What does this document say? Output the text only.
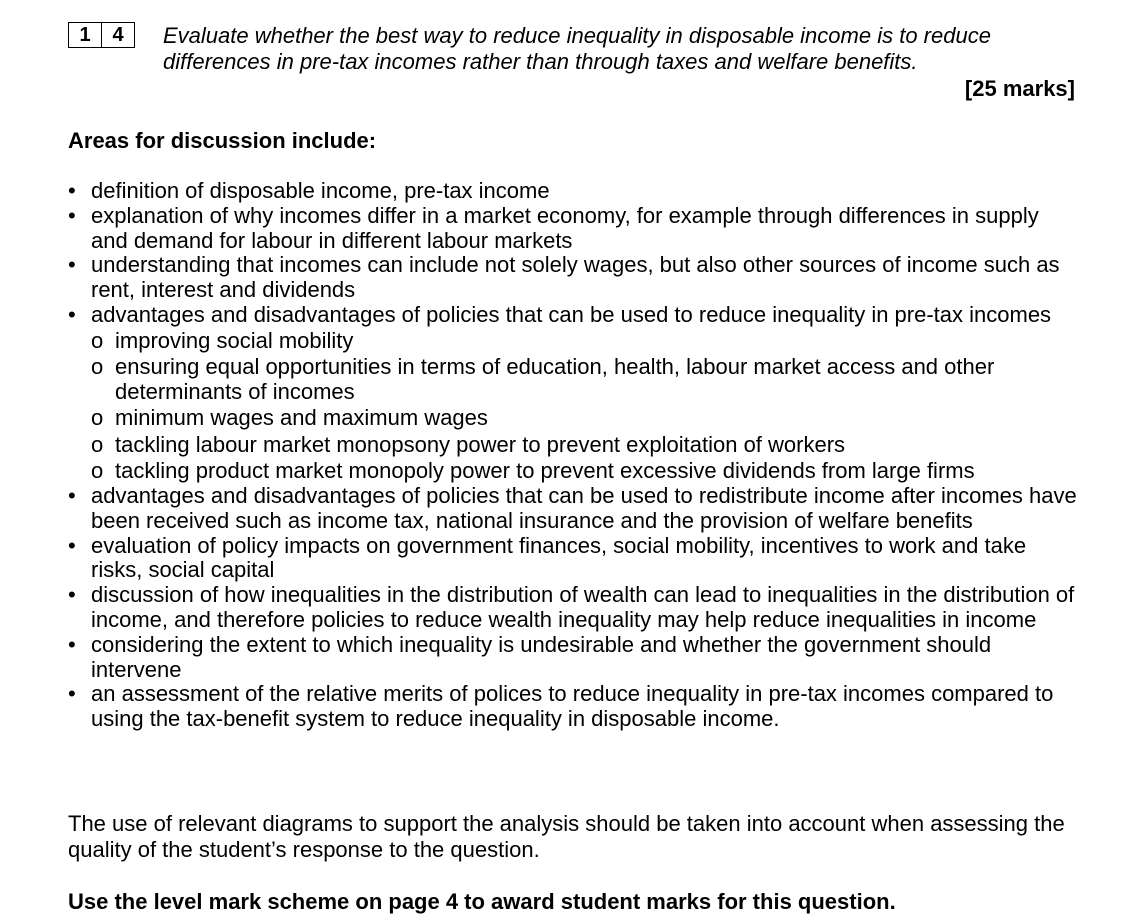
1	4	Evaluate whether the best way to reduce inequality in disposable income is to reduce differences in pre-tax incomes rather than through taxes and welfare benefits.
[25 marks]
Areas for discussion include:
• definition of disposable income, pre-tax income
• explanation of why incomes differ in a market economy, for example through differences in supply and demand for labour in different labour markets
• understanding that incomes can include not solely wages, but also other sources of income such as rent, interest and dividends
• advantages and disadvantages of policies that can be used to reduce inequality in pre-tax incomes
o improving social mobility
o ensuring equal opportunities in terms of education, health, labour market access and other determinants of incomes
o minimum wages and maximum wages
o tackling labour market monopsony power to prevent exploitation of workers
o tackling product market monopoly power to prevent excessive dividends from large firms
• advantages and disadvantages of policies that can be used to redistribute income after incomes have been received such as income tax, national insurance and the provision of welfare benefits
• evaluation of policy impacts on government finances, social mobility, incentives to work and take risks, social capital
• discussion of how inequalities in the distribution of wealth can lead to inequalities in the distribution of income, and therefore policies to reduce wealth inequality may help reduce inequalities in income
• considering the extent to which inequality is undesirable and whether the government should intervene
• an assessment of the relative merits of polices to reduce inequality in pre-tax incomes compared to using the tax-benefit system to reduce inequality in disposable income.
The use of relevant diagrams to support the analysis should be taken into account when assessing the quality of the student’s response to the question.
Use the level mark scheme on page 4 to award student marks for this question.
